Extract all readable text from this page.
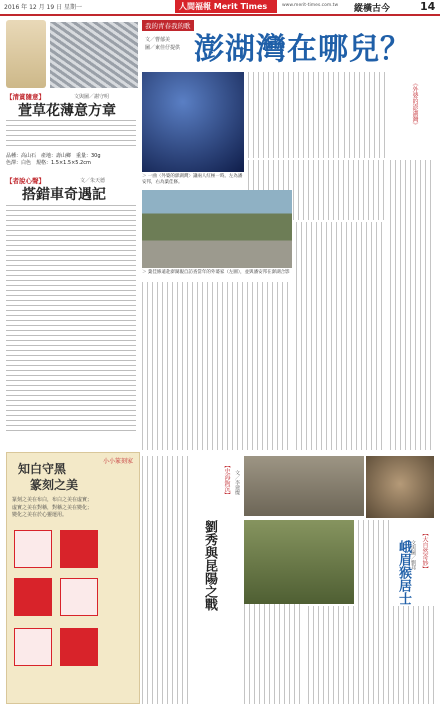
2016 年 12 月 19 日 星期一	人間福報 Merit Times	www.merit-times.com.tw 縱橫古今	14
【清賞隨意】	文與圖／謝守明
萱草花薄意方章
品種：高山石　產地：壽山鄉　重量：30g
色澤：白色　規格：1.5×1.5×5.2cm
【者說心聲】	文／朱天德
搭錯車奇遇記
我的青春我的歌
文／曹郁美
圖／東佳仔提供 澎湖灣在哪兒？
《外婆的澎湖灣》
＞ 一曲〈外婆的澎湖灣〉讓兩人紅極一時。左為潘安邦，右為葉佳修。
＞ 葉佳修遠赴澎湖親自訪查當年的外婆家（左圖），並與潘安邦在澎湖合影
小小篆刻家
知白守黑
篆刻之美
篆刻之美在布白，布白之美在虛實；
虛實之美在對稱，對稱之美在變化；
變化之美在於心靈運用。
劉秀與昆陽之戰
【史海鉤沉】 文／李建燦
【大自然奇妙】
文與圖／劉邦
峨眉猴居士
